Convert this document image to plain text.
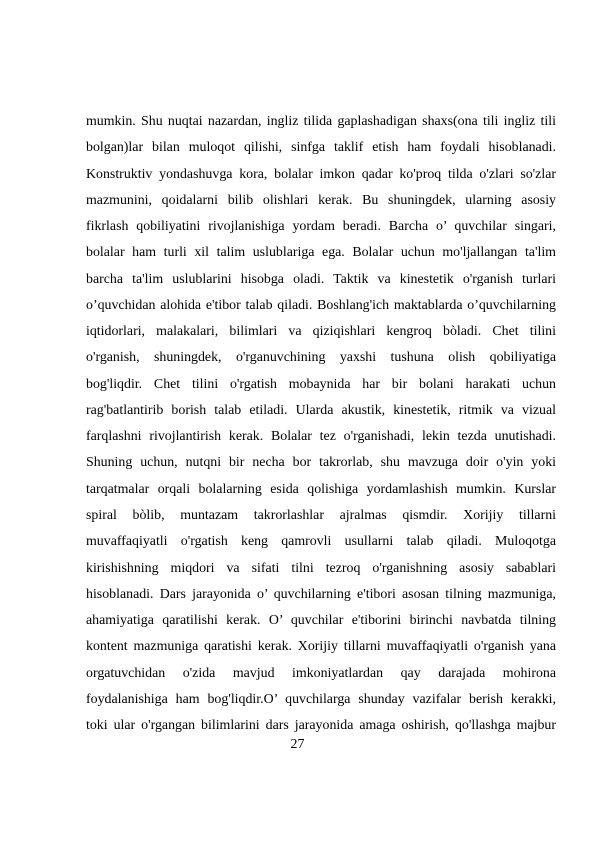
mumkin. Shu nuqtai nazardan, ingliz tilida gaplashadigan shaxs(ona tili ingliz tili
bolgan)lar bilan muloqot qilishi, sinfga taklif etish ham foydali hisoblanadi.
Konstruktiv yondashuvga kora, bolalar imkon qadar ko'proq tilda o'zlari so'zlar
mazmunini, qoidalarni bilib olishlari kerak. Bu shuningdek, ularning asosiy
fikrlash qobiliyatini rivojlanishiga yordam beradi. Barcha o’ quvchilar singari,
bolalar ham turli xil talim uslublariga ega. Bolalar uchun mo'ljallangan ta'lim
barcha ta'lim uslublarini hisobga oladi. Taktik va kinestetik o'rganish turlari
o’quvchidan alohida e'tibor talab qiladi. Boshlang'ich maktablarda o’quvchilarning
iqtidorlari, malakalari, bilimlari va qiziqishlari kengroq bòladi. Chet tilini
o'rganish, shuningdek, o'rganuvchining yaxshi tushuna olish qobiliyatiga
bog'liqdir. Chet tilini o'rgatish mobaynida har bir bolani harakati uchun
rag'batlantirib borish talab etiladi. Ularda akustik, kinestetik, ritmik va vizual
farqlashni rivojlantirish kerak. Bolalar tez o'rganishadi, lekin tezda unutishadi.
Shuning uchun, nutqni bir necha bor takrorlab, shu mavzuga doir o'yin yoki
tarqatmalar orqali bolalarning esida qolishiga yordamlashish mumkin. Kurslar
spiral bòlib, muntazam takrorlashlar ajralmas qismdir. Xorijiy tillarni
muvaffaqiyatli o'rgatish keng qamrovli usullarni talab qiladi. Muloqotga
kirishishning miqdori va sifati tilni tezroq o'rganishning asosiy sabablari
hisoblanadi. Dars jarayonida o’ quvchilarning e'tibori asosan tilning mazmuniga,
ahamiyatiga qaratilishi kerak. O’ quvchilar e'tiborini birinchi navbatda tilning
kontent mazmuniga qaratishi kerak. Xorijiy tillarni muvaffaqiyatli o'rganish yana
orgatuvchidan o'zida mavjud imkoniyatlardan qay darajada mohirona
foydalanishiga ham bog'liqdir.O’ quvchilarga shunday vazifalar berish kerakki,
toki ular o'rgangan bilimlarini dars jarayonida amaga oshirish, qo'llashga majbur
27
